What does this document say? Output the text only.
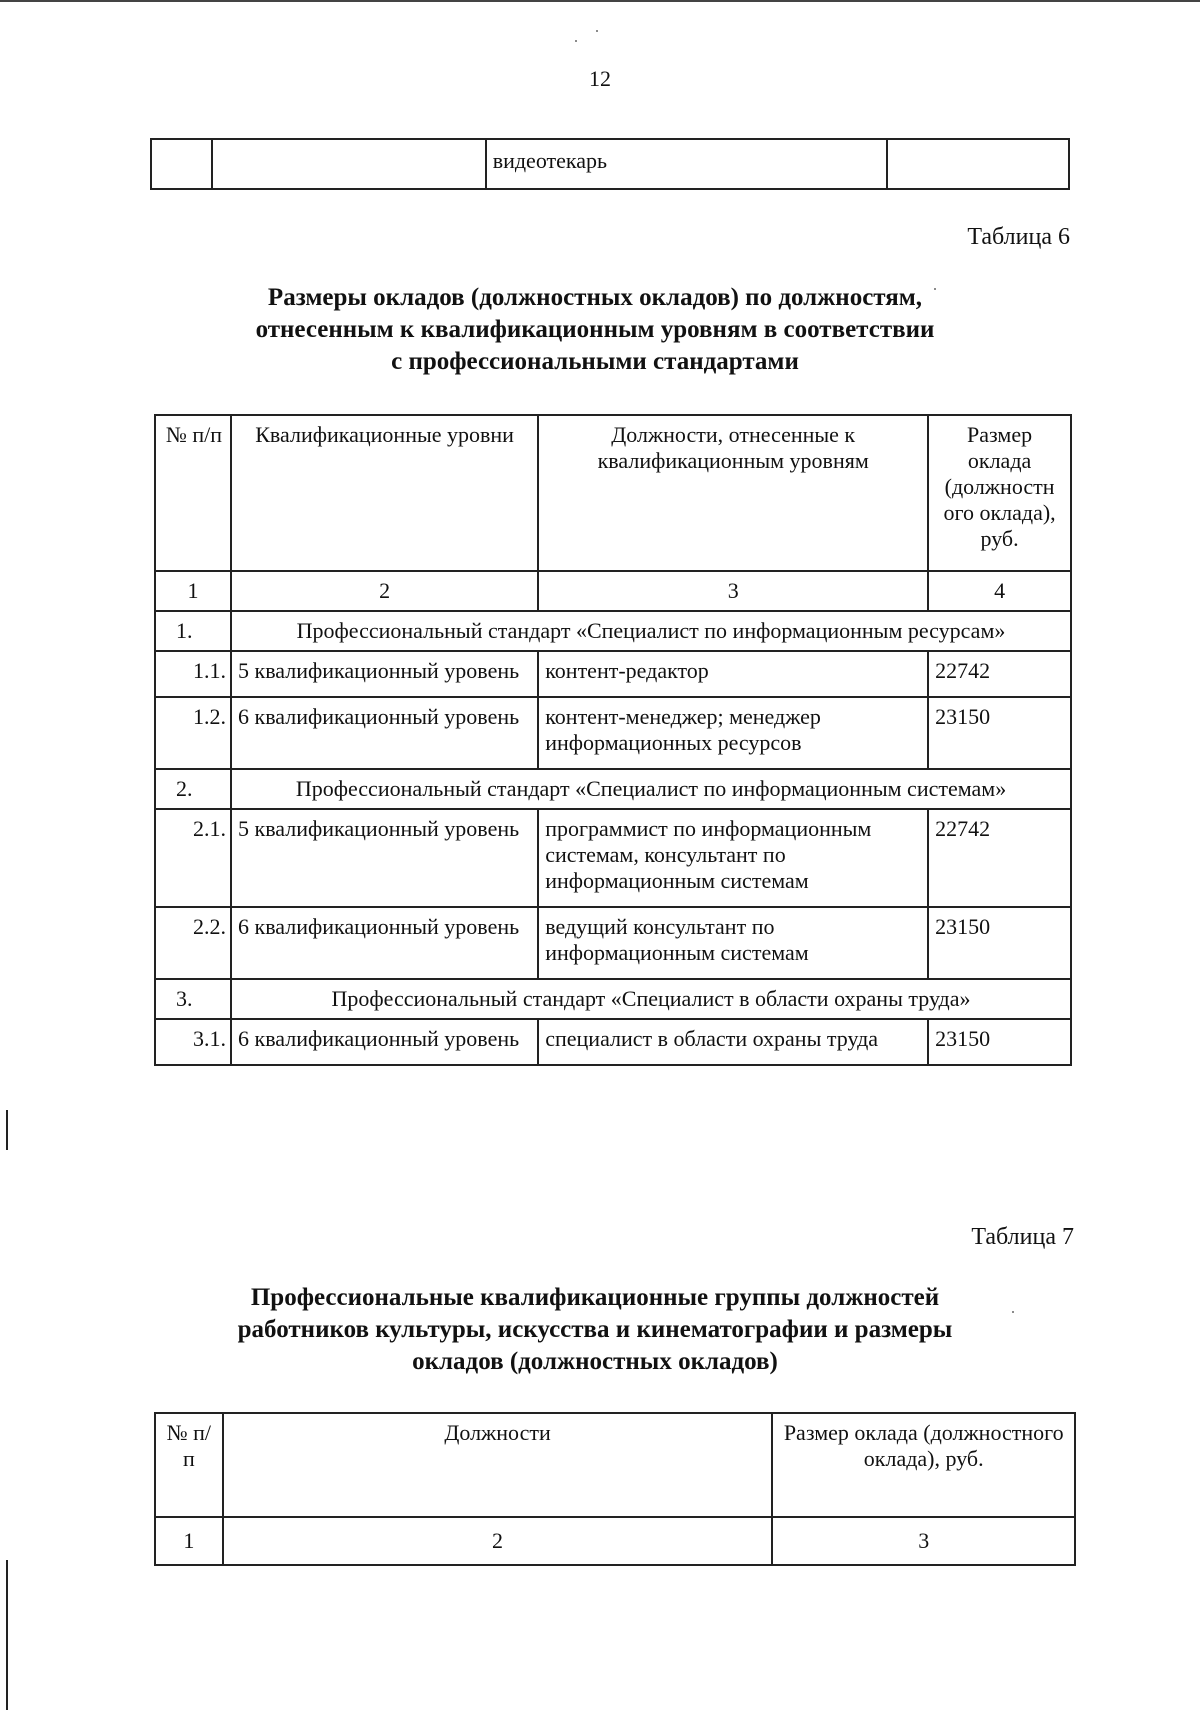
12
		видеотекарь	
Таблица 6
Размеры окладов (должностных окладов) по должностям,
отнесенным к квалификационным уровням в соответствии
с профессиональными стандартами
№ п/п	Квалификационные уровни	Должности, отнесенные к квалификационным уровням	Размер оклада (должностн ого оклада), руб.
1	2	3	4
1.	Профессиональный стандарт «Специалист по информационным ресурсам»		
1.1.	5 квалификационный уровень	контент-редактор	22742
1.2.	6 квалификационный уровень	контент-менеджер; менеджер информационных ресурсов	23150
2.	Профессиональный стандарт «Специалист по информационным системам»		
2.1.	5 квалификационный уровень	программист по информационным системам, консультант по информационным системам	22742
2.2.	6 квалификационный уровень	ведущий консультант по информационным системам	23150
3.	Профессиональный стандарт «Специалист в области охраны труда»		
3.1.	6 квалификационный уровень	специалист в области охраны труда	23150
Таблица 7
Профессиональные квалификационные группы должностей
работников культуры, искусства и кинематографии и размеры
окладов (должностных окладов)
№ п/п	Должности	Размер оклада (должностного оклада), руб.
1	2	3
